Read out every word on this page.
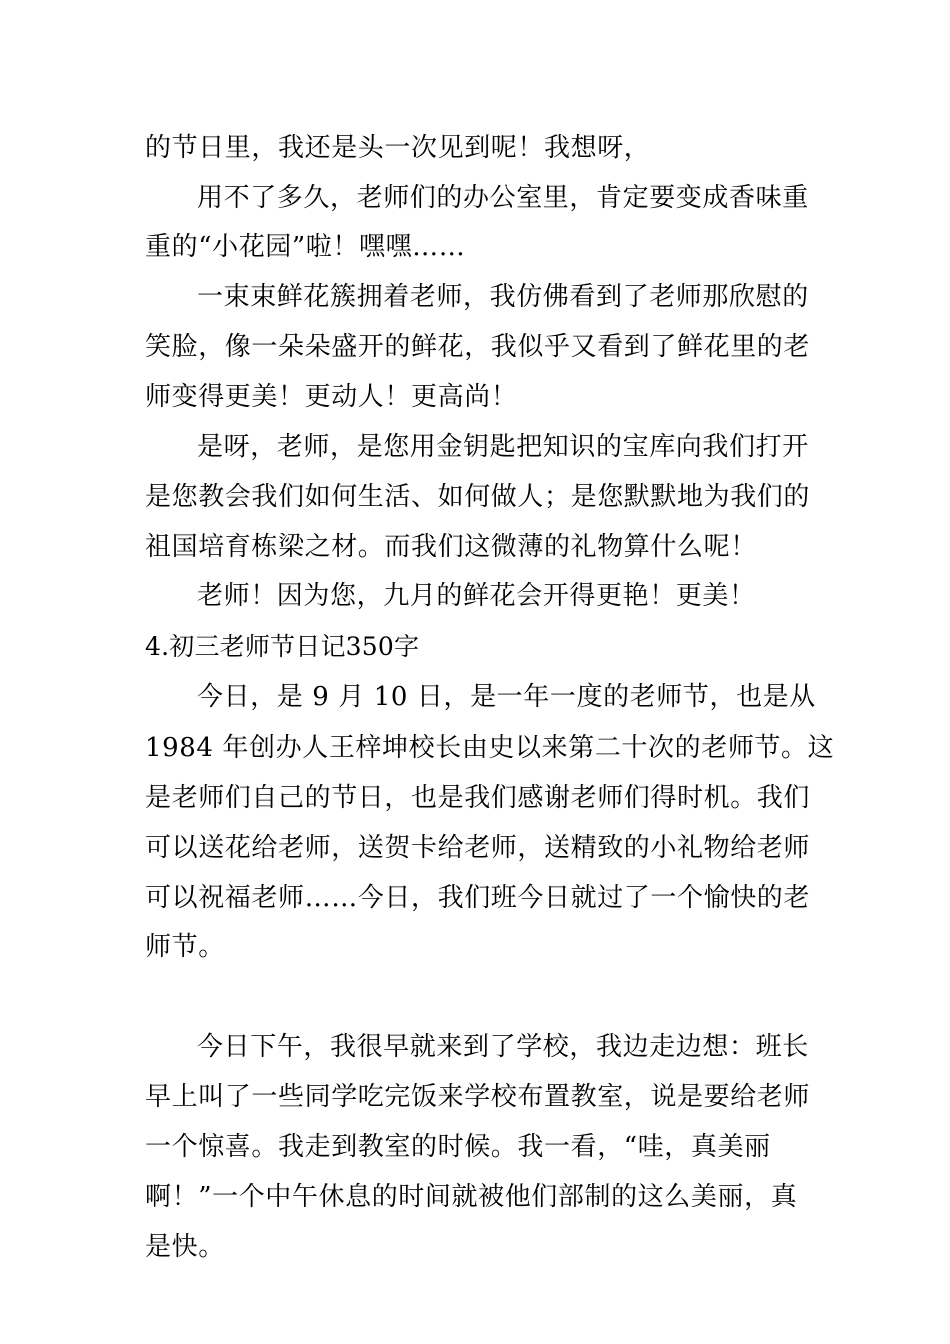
的节日里，我还是头一次见到呢！我想呀，
用不了多久，老师们的办公室里，肯定要变成香味重
重的“小花园”啦！嘿嘿……
一束束鲜花簇拥着老师，我仿佛看到了老师那欣慰的
笑脸，像一朵朵盛开的鲜花，我似乎又看到了鲜花里的老
师变得更美！更动人！更高尚！
是呀，老师，是您用金钥匙把知识的宝库向我们打开
是您教会我们如何生活、如何做人；是您默默地为我们的
祖国培育栋梁之材。而我们这微薄的礼物算什么呢！
老师！因为您，九月的鲜花会开得更艳！更美！
4.初三老师节日记350字
今日，是 9 月 10 日，是一年一度的老师节，也是从
1984 年创办人王梓坤校长由史以来第二十次的老师节。这
是老师们自己的节日，也是我们感谢老师们得时机。我们
可以送花给老师，送贺卡给老师，送精致的小礼物给老师
可以祝福老师……今日，我们班今日就过了一个愉快的老
师节。
今日下午，我很早就来到了学校，我边走边想：班长
早上叫了一些同学吃完饭来学校布置教室，说是要给老师
一个惊喜。我走到教室的时候。我一看，“哇，真美丽
啊！”一个中午休息的时间就被他们部制的这么美丽，真
是快。
